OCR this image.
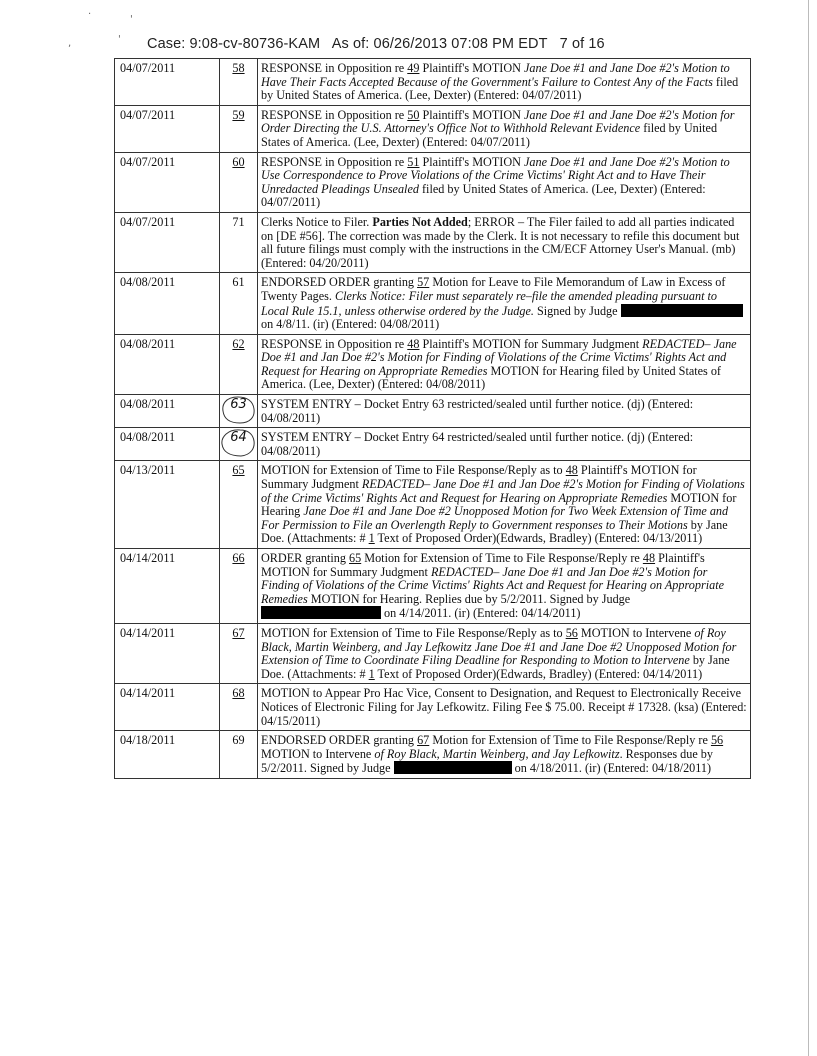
.
'
,	' Case: 9:08-cv-80736-KAM   As of: 06/26/2013 07:08 PM EDT   7 of 16
04/07/2011	58	RESPONSE in Opposition re 49 Plaintiff's MOTION Jane Doe #1 and Jane Doe #2's Motion to Have Their Facts Accepted Because of the Government's Failure to Contest Any of the Facts filed by United States of America. (Lee, Dexter) (Entered: 04/07/2011)
04/07/2011	59	RESPONSE in Opposition re 50 Plaintiff's MOTION Jane Doe #1 and Jane Doe #2's Motion for Order Directing the U.S. Attorney's Office Not to Withhold Relevant Evidence filed by United States of America. (Lee, Dexter) (Entered: 04/07/2011)
04/07/2011	60	RESPONSE in Opposition re 51 Plaintiff's MOTION Jane Doe #1 and Jane Doe #2's Motion to Use Correspondence to Prove Violations of the Crime Victims' Right Act and to Have Their Unredacted Pleadings Unsealed filed by United States of America. (Lee, Dexter) (Entered: 04/07/2011)
04/07/2011	71	Clerks Notice to Filer. Parties Not Added; ERROR – The Filer failed to add all parties indicated on [DE #56]. The correction was made by the Clerk. It is not necessary to refile this document but all future filings must comply with the instructions in the CM/ECF Attorney User's Manual. (mb) (Entered: 04/20/2011)
04/08/2011	61	ENDORSED ORDER granting 57 Motion for Leave to File Memorandum of Law in Excess of Twenty Pages. Clerks Notice: Filer must separately re–file the amended pleading pursuant to Local Rule 15.1, unless otherwise ordered by the Judge. Signed by Judge  on 4/8/11. (ir) (Entered: 04/08/2011)
04/08/2011	62	RESPONSE in Opposition re 48 Plaintiff's MOTION for Summary Judgment REDACTED– Jane Doe #1 and Jan Doe #2's Motion for Finding of Violations of the Crime Victims' Rights Act and Request for Hearing on Appropriate Remedies MOTION for Hearing filed by United States of America. (Lee, Dexter) (Entered: 04/08/2011)
04/08/2011	63	SYSTEM ENTRY – Docket Entry 63 restricted/sealed until further notice. (dj) (Entered: 04/08/2011)
04/08/2011	64	SYSTEM ENTRY – Docket Entry 64 restricted/sealed until further notice. (dj) (Entered: 04/08/2011)
04/13/2011	65	MOTION for Extension of Time to File Response/Reply as to 48 Plaintiff's MOTION for Summary Judgment REDACTED– Jane Doe #1 and Jan Doe #2's Motion for Finding of Violations of the Crime Victims' Rights Act and Request for Hearing on Appropriate Remedies MOTION for Hearing Jane Doe #1 and Jane Doe #2 Unopposed Motion for Two Week Extension of Time and For Permission to File an Overlength Reply to Government responses to Their Motions by Jane Doe. (Attachments: # 1 Text of Proposed Order)(Edwards, Bradley) (Entered: 04/13/2011)
04/14/2011	66	ORDER granting 65 Motion for Extension of Time to File Response/Reply re 48 Plaintiff's MOTION for Summary Judgment REDACTED– Jane Doe #1 and Jan Doe #2's Motion for Finding of Violations of the Crime Victims' Rights Act and Request for Hearing on Appropriate Remedies MOTION for Hearing. Replies due by 5/2/2011. Signed by Judge  on 4/14/2011. (ir) (Entered: 04/14/2011)
04/14/2011	67	MOTION for Extension of Time to File Response/Reply as to 56 MOTION to Intervene of Roy Black, Martin Weinberg, and Jay Lefkowitz Jane Doe #1 and Jane Doe #2 Unopposed Motion for Extension of Time to Coordinate Filing Deadline for Responding to Motion to Intervene by Jane Doe. (Attachments: # 1 Text of Proposed Order)(Edwards, Bradley) (Entered: 04/14/2011)
04/14/2011	68	MOTION to Appear Pro Hac Vice, Consent to Designation, and Request to Electronically Receive Notices of Electronic Filing for Jay Lefkowitz. Filing Fee $ 75.00. Receipt # 17328. (ksa) (Entered: 04/15/2011)
04/18/2011	69	ENDORSED ORDER granting 67 Motion for Extension of Time to File Response/Reply re 56 MOTION to Intervene of Roy Black, Martin Weinberg, and Jay Lefkowitz. Responses due by 5/2/2011. Signed by Judge on 4/18/2011. (ir) (Entered: 04/18/2011)
